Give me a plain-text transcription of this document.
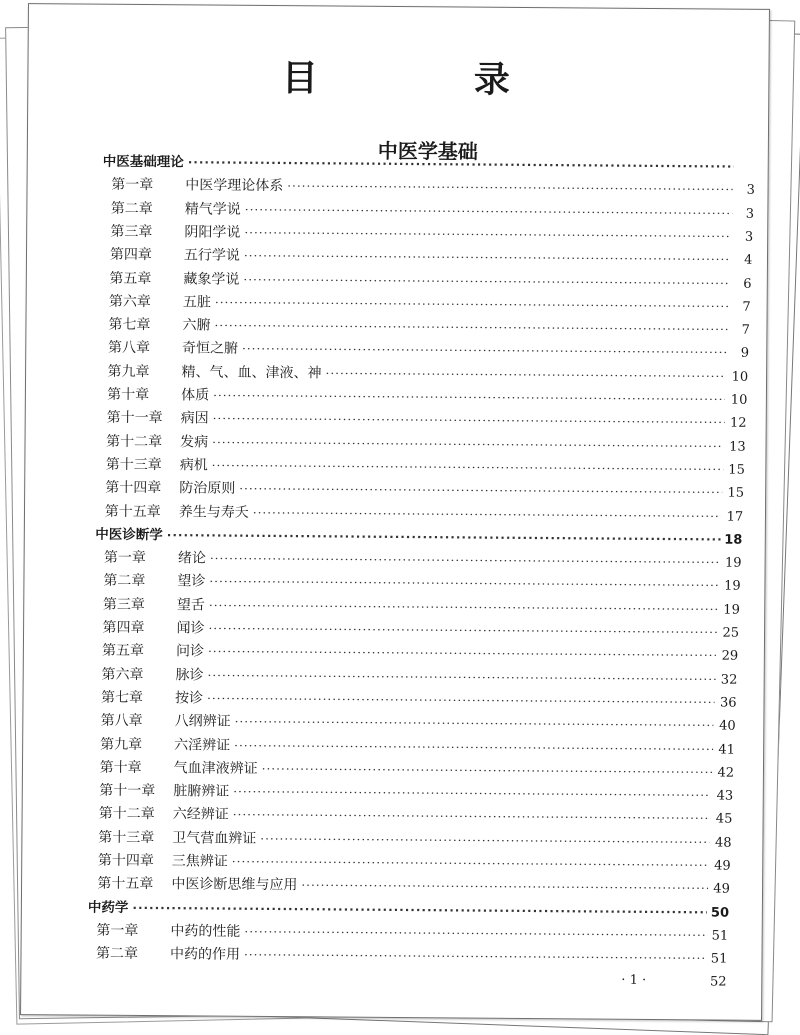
目　录
中医学基础
中医基础理论
·····
第一章	中医学理论体系 ·····	3
第二章	精气学说 ·····	3
第三章	阴阳学说 ·····	3
第四章	五行学说 ·····	4
第五章	藏象学说 ·····	6
第六章	五脏 ·····	7
第七章	六腑 ·····	7
第八章	奇恒之腑 ·····	9
第九章	精、气、血、津液、神 ·····	10
第十章	体质 ·····	10
第十一章	病因 ·····	12
第十二章	发病 ·····	13
第十三章	病机 ·····	15
第十四章	防治原则 ·····	15
第十五章	养生与寿夭 ·····	17
中医诊断学 ·····	18
第一章	绪论 ·····	19
第二章	望诊 ·····	19
第三章	望舌 ·····	19
第四章	闻诊 ·····	25
第五章	问诊 ·····	29
第六章	脉诊 ·····	32
第七章	按诊 ·····	36
第八章	八纲辨证 ·····	40
第九章	六淫辨证 ·····	41
第十章	气血津液辨证 ·····	42
第十一章	脏腑辨证 ·····	43
第十二章	六经辨证 ·····	45
第十三章	卫气营血辨证 ·····	48
第十四章	三焦辨证 ·····	49
第十五章	中医诊断思维与应用 ·····	49
中药学 ·····	50
第一章	中药的性能 ·····	51
第二章	中药的作用 ·····	51
52
· 1 ·
